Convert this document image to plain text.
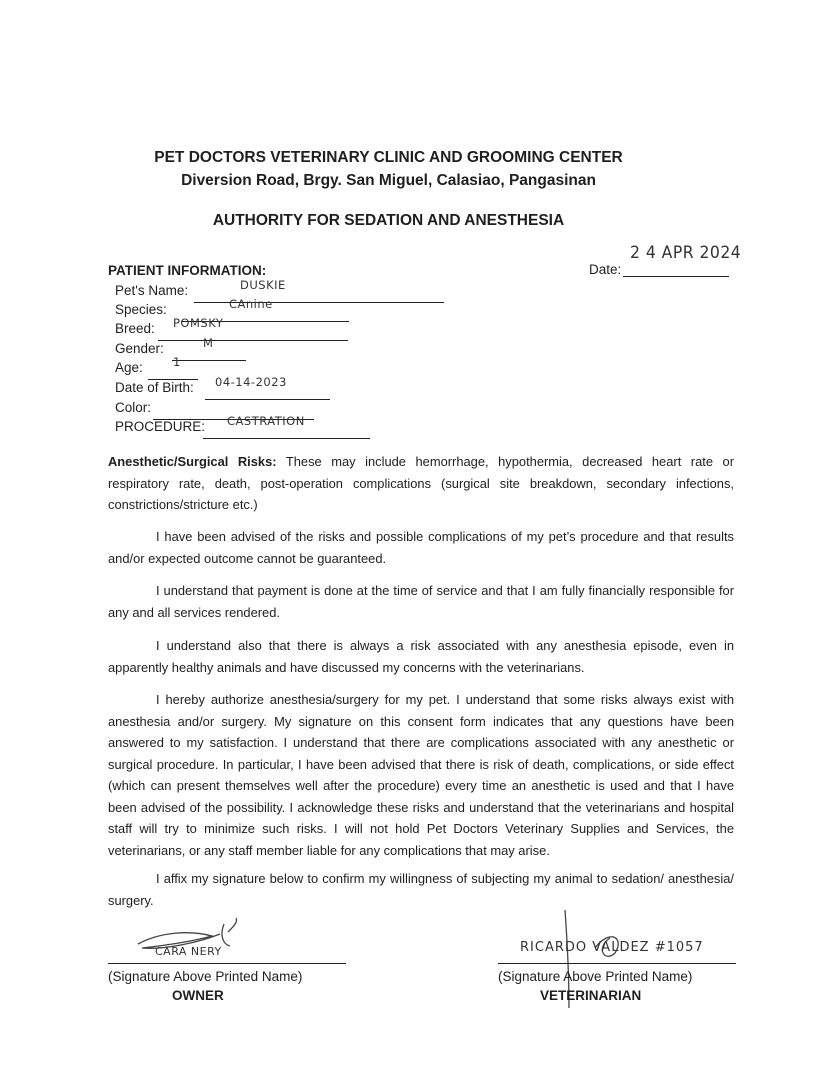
PET DOCTORS VETERINARY CLINIC AND GROOMING CENTER
Diversion Road, Brgy. San Miguel, Calasiao, Pangasinan
AUTHORITY FOR SEDATION AND ANESTHESIA
2 4 APR 2024
Date:
PATIENT INFORMATION:
Pet's Name:	DUSKIE
Species:	CAnine
Breed: POMSKY
Gender:	M
Age:	1
Date of Birth: 04-14-2023
Color:
PROCEDURE: CASTRATION
Anesthetic/Surgical Risks: These may include hemorrhage, hypothermia, decreased heart rate or respiratory rate, death, post-operation complications (surgical site breakdown, secondary infections, constrictions/stricture etc.)
I have been advised of the risks and possible complications of my pet’s procedure and that results and/or expected outcome cannot be guaranteed.
I understand that payment is done at the time of service and that I am fully financially responsible for any and all services rendered.
I understand also that there is always a risk associated with any anesthesia episode, even in apparently healthy animals and have discussed my concerns with the veterinarians.
I hereby authorize anesthesia/surgery for my pet. I understand that some risks always exist with anesthesia and/or surgery. My signature on this consent form indicates that any questions have been answered to my satisfaction. I understand that there are complications associated with any anesthetic or surgical procedure. In particular, I have been advised that there is risk of death, complications, or side effect (which can present themselves well after the procedure) every time an anesthetic is used and that I have been advised of the possibility. I acknowledge these risks and understand that the veterinarians and hospital staff will try to minimize such risks. I will not hold Pet Doctors Veterinary Supplies and Services, the veterinarians, or any staff member liable for any complications that may arise.
I affix my signature below to confirm my willingness of subjecting my animal to sedation/ anesthesia/ surgery.
CARA NERY
(Signature Above Printed Name)
OWNER
RICARDO VALDEZ #1057
(Signature Above Printed Name)
VETERINARIAN
